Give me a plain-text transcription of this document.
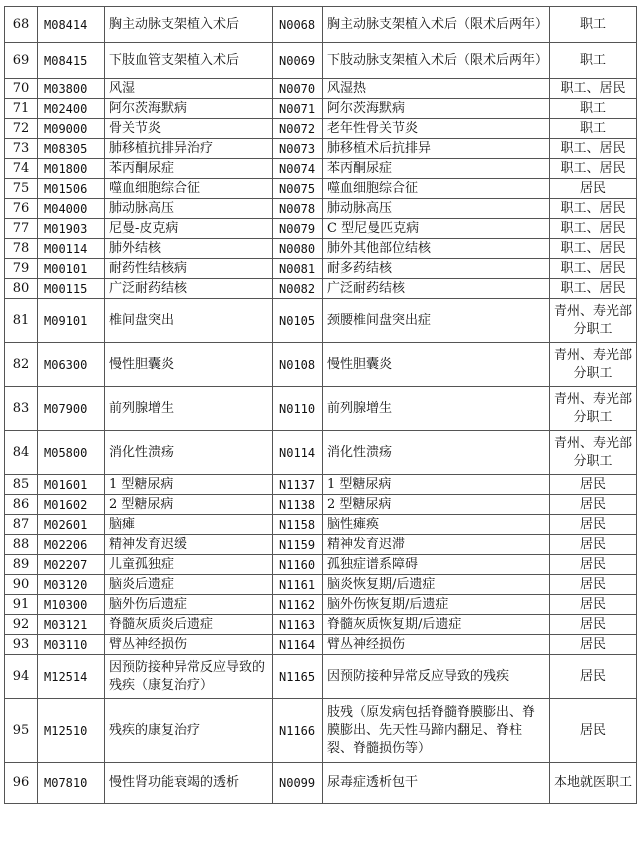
68	M08414	胸主动脉支架植入术后	N0068	胸主动脉支架植入术后（限术后两年）	职工
69	M08415	下肢血管支架植入术后	N0069	下肢动脉支架植入术后（限术后两年）	职工
70	M03800	风湿	N0070	风湿热	职工、居民
71	M02400	阿尔茨海默病	N0071	阿尔茨海默病	职工
72	M09000	骨关节炎	N0072	老年性骨关节炎	职工
73	M08305	肺移植抗排异治疗	N0073	肺移植术后抗排异	职工、居民
74	M01800	苯丙酮尿症	N0074	苯丙酮尿症	职工、居民
75	M01506	噬血细胞综合征	N0075	噬血细胞综合征	居民
76	M04000	肺动脉高压	N0078	肺动脉高压	职工、居民
77	M01903	尼曼-皮克病	N0079	C 型尼曼匹克病	职工、居民
78	M00114	肺外结核	N0080	肺外其他部位结核	职工、居民
79	M00101	耐药性结核病	N0081	耐多药结核	职工、居民
80	M00115	广泛耐药结核	N0082	广泛耐药结核	职工、居民
81	M09101	椎间盘突出	N0105	颈腰椎间盘突出症	青州、寿光部分职工
82	M06300	慢性胆囊炎	N0108	慢性胆囊炎	青州、寿光部分职工
83	M07900	前列腺增生	N0110	前列腺增生	青州、寿光部分职工
84	M05800	消化性溃疡	N0114	消化性溃疡	青州、寿光部分职工
85	M01601	1 型糖尿病	N1137	1 型糖尿病	居民
86	M01602	2 型糖尿病	N1138	2 型糖尿病	居民
87	M02601	脑瘫	N1158	脑性瘫痪	居民
88	M02206	精神发育迟缓	N1159	精神发育迟滞	居民
89	M02207	儿童孤独症	N1160	孤独症谱系障碍	居民
90	M03120	脑炎后遗症	N1161	脑炎恢复期/后遗症	居民
91	M10300	脑外伤后遗症	N1162	脑外伤恢复期/后遗症	居民
92	M03121	脊髓灰质炎后遗症	N1163	脊髓灰质恢复期/后遗症	居民
93	M03110	臂丛神经损伤	N1164	臂丛神经损伤	居民
94	M12514	因预防接种异常反应导致的残疾（康复治疗）	N1165	因预防接种异常反应导致的残疾	居民
95	M12510	残疾的康复治疗	N1166	肢残（原发病包括脊髓脊膜膨出、脊膜膨出、先天性马蹄内翻足、脊柱裂、脊髓损伤等）	居民
96	M07810	慢性肾功能衰竭的透析	N0099	尿毒症透析包干	本地就医职工
